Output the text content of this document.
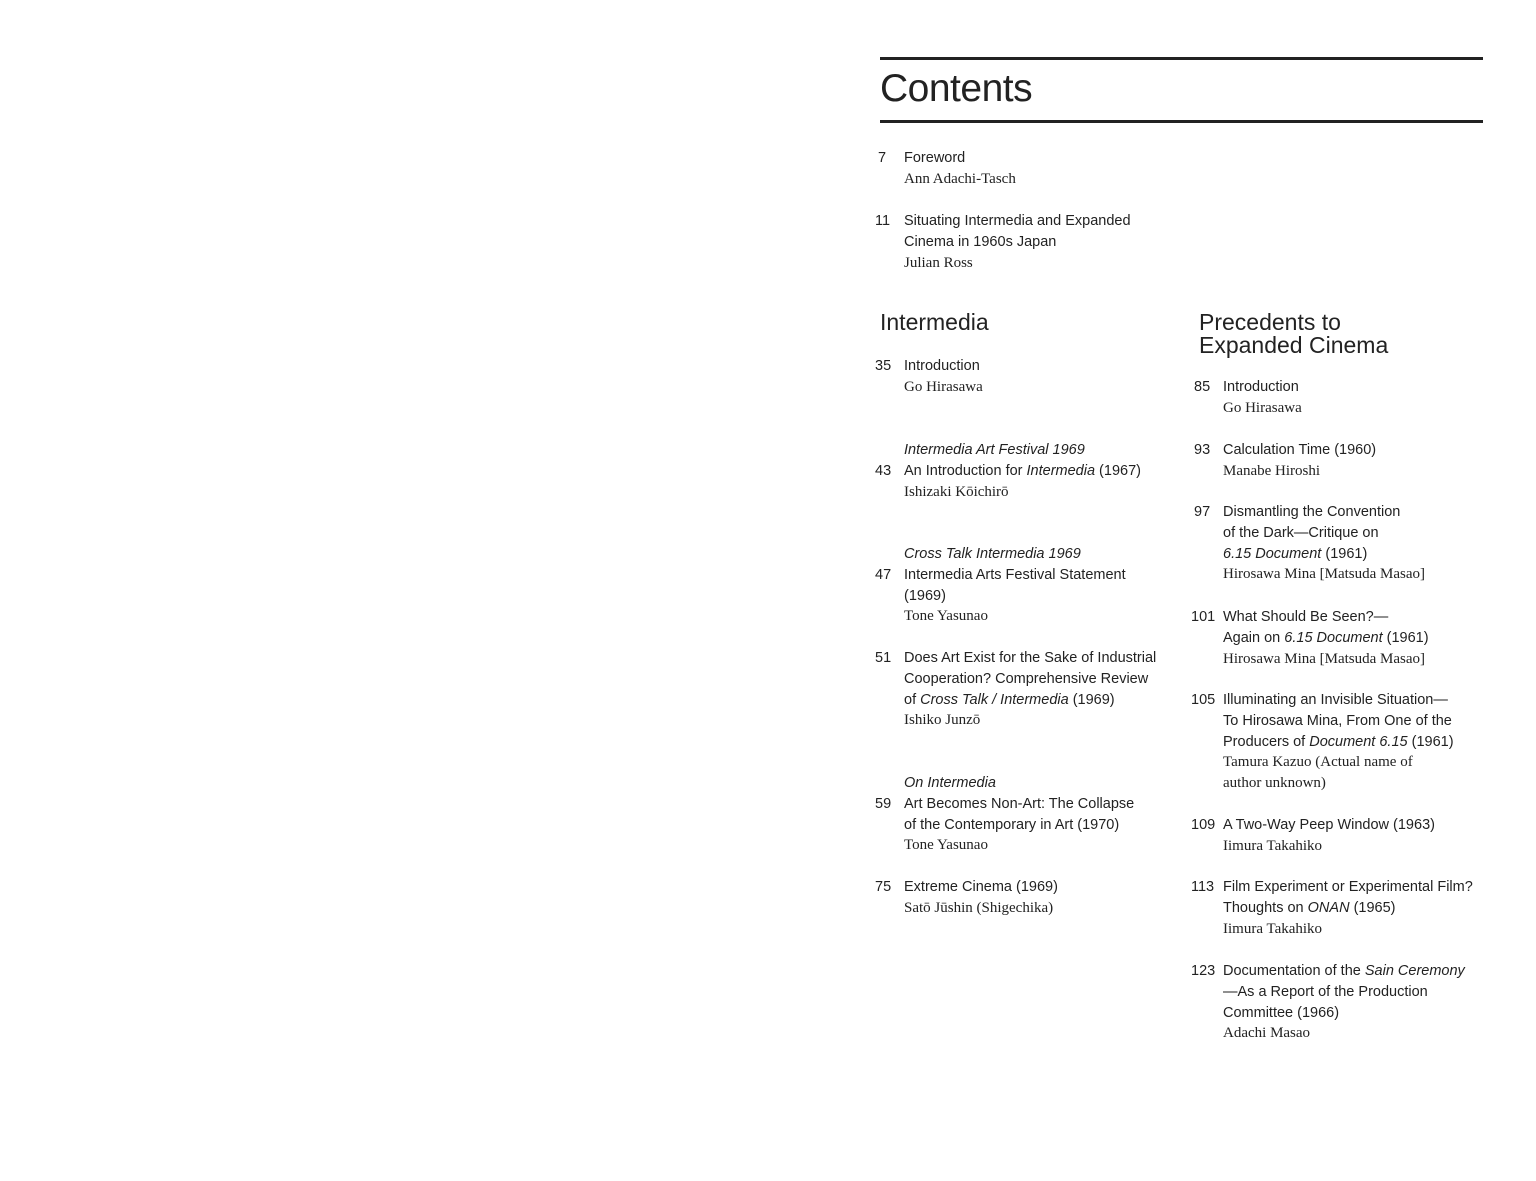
Contents
7 Foreword
Ann Adachi-Tasch
11 Situating Intermedia and Expanded
Cinema in 1960s Japan
Julian Ross
Intermedia
35 Introduction
Go Hirasawa
43
Intermedia Art Festival 1969
An Introduction for Intermedia (1967)
Ishizaki Kōichirō
47
Cross Talk Intermedia 1969
Intermedia Arts Festival Statement
(1969)
Tone Yasunao
51 Does Art Exist for the Sake of Industrial
Cooperation? Comprehensive Review
of Cross Talk / Intermedia (1969)
Ishiko Junzō
59
On Intermedia
Art Becomes Non-Art: The Collapse
of the Contemporary in Art (1970)
Tone Yasunao
75 Extreme Cinema (1969)
Satō Jūshin (Shigechika)
Precedents to
Expanded Cinema
85 Introduction
Go Hirasawa
93 Calculation Time (1960)
Manabe Hiroshi
97 Dismantling the Convention
of the Dark—Critique on
6.15 Document (1961)
Hirosawa Mina [Matsuda Masao]
101 What Should Be Seen?—
Again on 6.15 Document (1961)
Hirosawa Mina [Matsuda Masao]
105 Illuminating an Invisible Situation—
To Hirosawa Mina, From One of the
Producers of Document 6.15 (1961)
Tamura Kazuo (Actual name of
author unknown)
109 A Two-Way Peep Window (1963)
Iimura Takahiko
113 Film Experiment or Experimental Film?
Thoughts on ONAN (1965)
Iimura Takahiko
123 Documentation of the Sain Ceremony
—As a Report of the Production
Committee (1966)
Adachi Masao
